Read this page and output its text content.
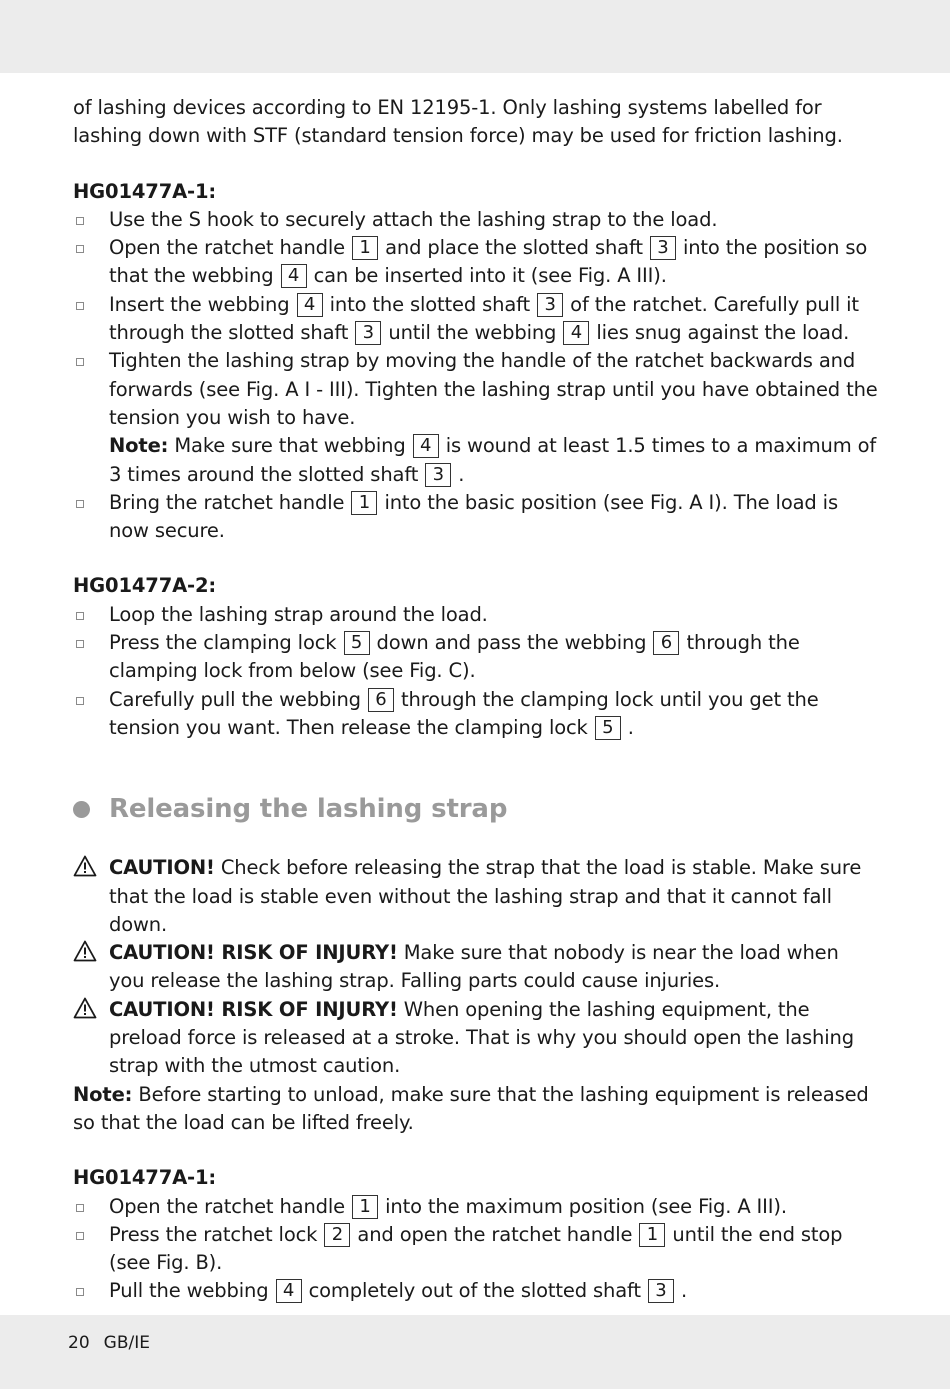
of lashing devices according to EN 12195-1. Only lashing systems labelled for lashing down with STF (standard tension force) may be used for friction lashing.

HG01477A-1:

Use the S hook to securely attach the lashing strap to the load.
Open the ratchet handle 1 and place the slotted shaft 3 into the position so that the webbing 4 can be inserted into it (see Fig. A III).
Insert the webbing 4 into the slotted shaft 3 of the ratchet. Carefully pull it through the slotted shaft 3 until the webbing 4 lies snug against the load.
Tighten the lashing strap by moving the handle of the ratchet backwards and forwards (see Fig. A I - III). Tighten the lashing strap until you have obtained the tension you wish to have.

Note: Make sure that webbing 4 is wound at least 1.5 times to a maximum of 3 times around the slotted shaft 3 .

Bring the ratchet handle 1 into the basic position (see Fig. A I). The load is now secure.

HG01477A-2:

Loop the lashing strap around the load.
Press the clamping lock 5 down and pass the webbing 6 through the clamping lock from below (see Fig. C).
Carefully pull the webbing 6 through the clamping lock until you get the tension you want. Then release the clamping lock 5 .
Releasing the lashing strap

CAUTION! Check before releasing the strap that the load is stable. Make sure that the load is stable even without the lashing strap and that it cannot fall down.

CAUTION! RISK OF INJURY! Make sure that nobody is near the load when you release the lashing strap. Falling parts could cause injuries.

CAUTION! RISK OF INJURY! When opening the lashing equipment, the preload force is released at a stroke. That is why you should open the lashing strap with the utmost caution.

Note: Before starting to unload, make sure that the lashing equipment is released so that the load can be lifted freely.

HG01477A-1:

Open the ratchet handle 1 into the maximum position (see Fig. A III).
Press the ratchet lock 2 and open the ratchet handle 1 until the end stop (see Fig. B).
Pull the webbing 4 completely out of the slotted shaft 3 .
20 GB/IE
